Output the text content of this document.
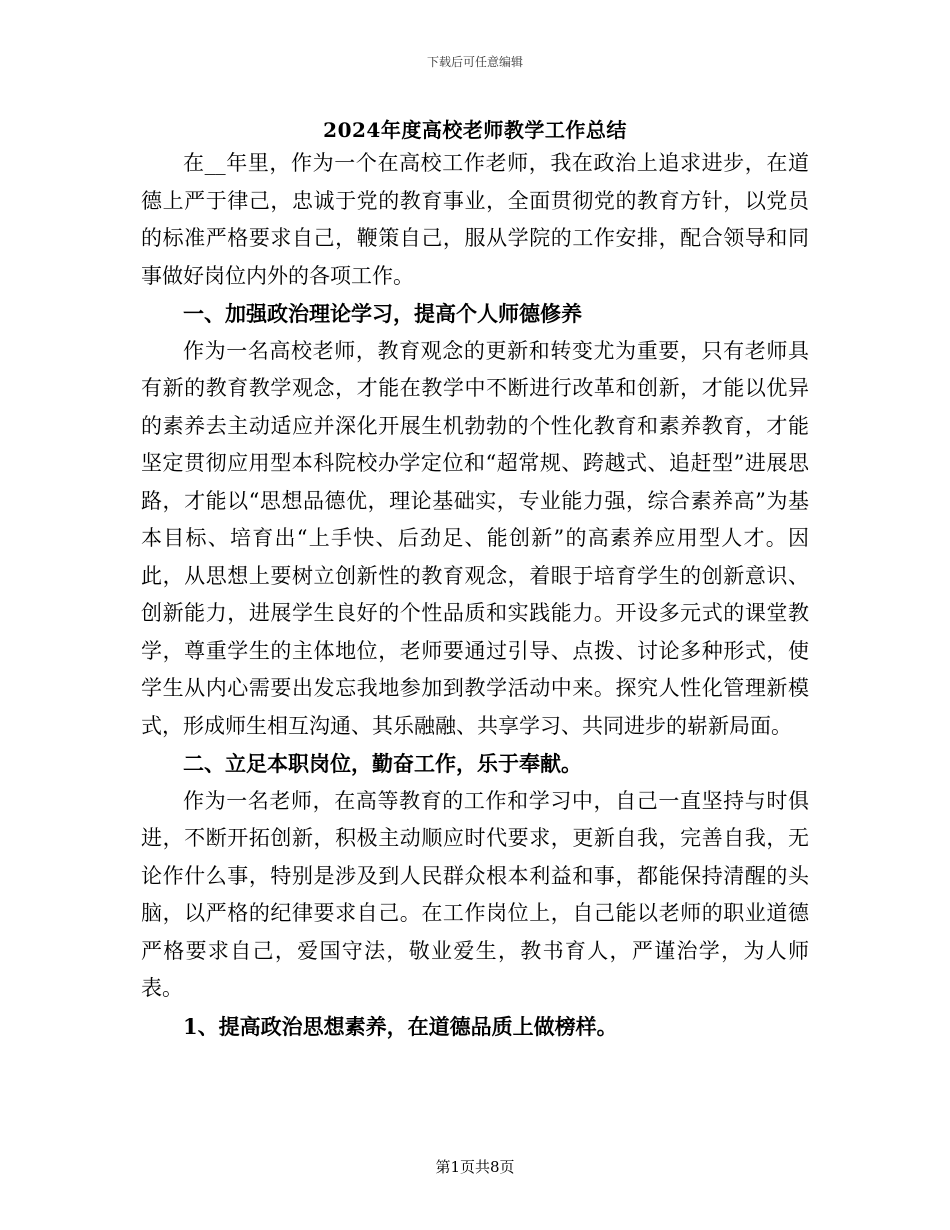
下载后可任意编辑
2024年度高校老师教学工作总结

在__年里，作为一个在高校工作老师，我在政治上追求进步，在道德上严于律己，忠诚于党的教育事业，全面贯彻党的教育方针，以党员的标准严格要求自己，鞭策自己，服从学院的工作安排，配合领导和同事做好岗位内外的各项工作。

一、加强政治理论学习，提高个人师德修养

作为一名高校老师，教育观念的更新和转变尤为重要，只有老师具有新的教育教学观念，才能在教学中不断进行改革和创新，才能以优异的素养去主动适应并深化开展生机勃勃的个性化教育和素养教育，才能坚定贯彻应用型本科院校办学定位和“超常规、跨越式、追赶型”进展思路，才能以“思想品德优，理论基础实，专业能力强，综合素养高”为基本目标、培育出“上手快、后劲足、能创新”的高素养应用型人才。因此，从思想上要树立创新性的教育观念，着眼于培育学生的创新意识、创新能力，进展学生良好的个性品质和实践能力。开设多元式的课堂教学，尊重学生的主体地位，老师要通过引导、点拨、讨论多种形式，使学生从内心需要出发忘我地参加到教学活动中来。探究人性化管理新模式，形成师生相互沟通、其乐融融、共享学习、共同进步的崭新局面。

二、立足本职岗位，勤奋工作，乐于奉献。

作为一名老师，在高等教育的工作和学习中，自己一直坚持与时俱进，不断开拓创新，积极主动顺应时代要求，更新自我，完善自我，无论作什么事，特别是涉及到人民群众根本利益和事，都能保持清醒的头脑，以严格的纪律要求自己。在工作岗位上，自己能以老师的职业道德严格要求自己，爱国守法，敬业爱生，教书育人，严谨治学，为人师表。

1、提高政治思想素养，在道德品质上做榜样。

第1页共8页
